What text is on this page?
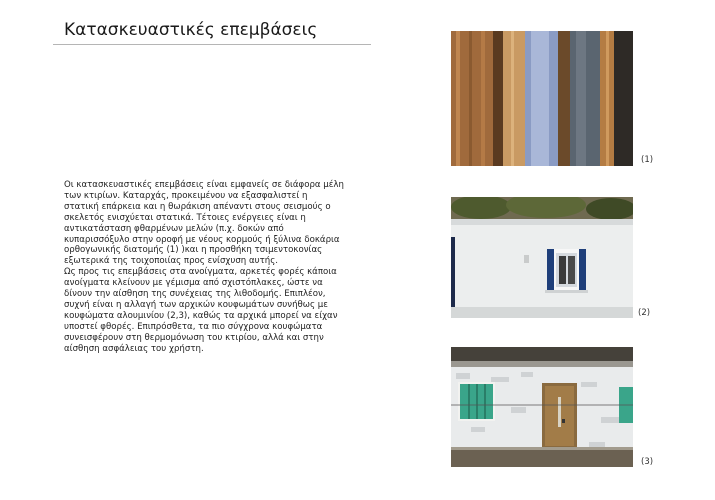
Κατασκευαστικές επεμβάσεις

Οι κατασκευαστικές επεμβάσεις είναι εμφανείς σε διάφορα μέλη των κτιρίων. Καταρχάς, προκειμένου να εξασφαλιστεί η στατική επάρκεια και η θωράκιση απέναντι στους σεισμούς ο σκελετός ενισχύεται στατικά. Τέτοιες ενέργειες είναι η αντικατάσταση φθαρμένων μελών (π.χ. δοκών από κυπαρισσόξυλο στην οροφή με νέους κορμούς ή ξύλινα δοκάρια ορθογωνικής διατομής (1) )και η προσθήκη τσιμεντοκονίας εξωτερικά της τοιχοποιίας προς ενίσχυση αυτής.

Ως προς τις επεμβάσεις στα ανοίγματα, αρκετές φορές κάποια ανοίγματα κλείνουν με γέμισμα από σχιστόπλακες, ώστε να δίνουν την αίσθηση της συνέχειας της λιθοδομής. Επιπλέον, συχνή είναι η αλλαγή των αρχικών κουφωμάτων συνήθως με κουφώματα αλουμινίου (2,3), καθώς τα αρχικά μπορεί να είχαν υποστεί φθορές. Επιπρόσθετα, τα πιο σύγχρονα κουφώματα συνεισφέρουν στη θερμομόνωση του κτιρίου, αλλά και στην αίσθηση ασφάλειας του χρήστη.

(1)
(2)
(3)
